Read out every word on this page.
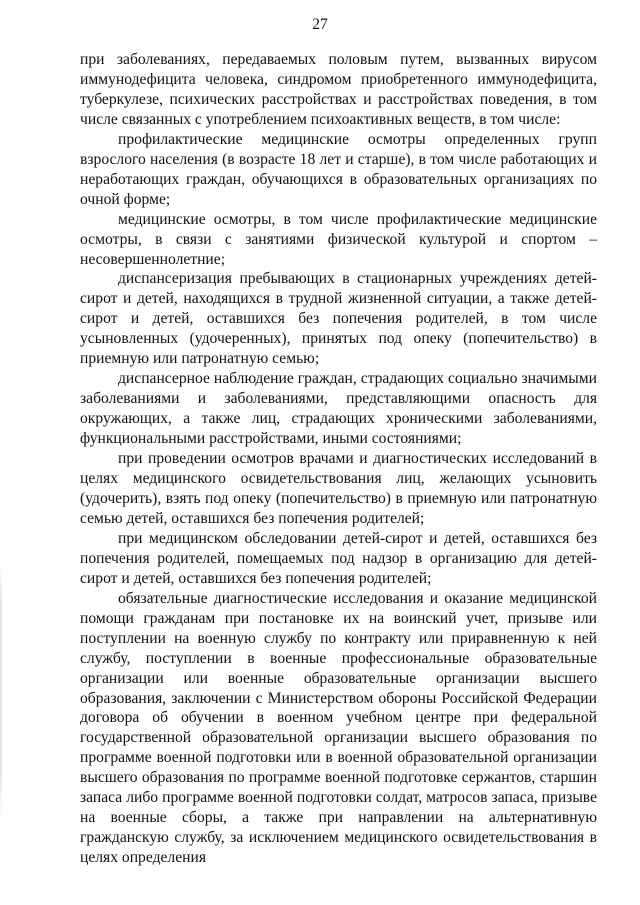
27

при заболеваниях, передаваемых половым путем, вызванных вирусом иммунодефицита человека, синдромом приобретенного иммунодефицита, туберкулезе, психических расстройствах и расстройствах поведения, в том числе связанных с употреблением психоактивных веществ, в том числе:

профилактические медицинские осмотры определенных групп взрослого населения (в возрасте 18 лет и старше), в том числе работающих и неработающих граждан, обучающихся в образовательных организациях по очной форме;

медицинские осмотры, в том числе профилактические медицинские осмотры, в связи с занятиями физической культурой и спортом – несовершеннолетние;

диспансеризация пребывающих в стационарных учреждениях детей-сирот и детей, находящихся в трудной жизненной ситуации, а также детей-сирот и детей, оставшихся без попечения родителей, в том числе усыновленных (удочеренных), принятых под опеку (попечительство) в приемную или патронатную семью;

диспансерное наблюдение граждан, страдающих социально значимыми заболеваниями и заболеваниями, представляющими опасность для окружающих, а также лиц, страдающих хроническими заболеваниями, функциональными расстройствами, иными состояниями;

при проведении осмотров врачами и диагностических исследований в целях медицинского освидетельствования лиц, желающих усыновить (удочерить), взять под опеку (попечительство) в приемную или патронатную семью детей, оставшихся без попечения родителей;

при медицинском обследовании детей-сирот и детей, оставшихся без попечения родителей, помещаемых под надзор в организацию для детей-сирот и детей, оставшихся без попечения родителей;

обязательные диагностические исследования и оказание медицинской помощи гражданам при постановке их на воинский учет, призыве или поступлении на военную службу по контракту или приравненную к ней службу, поступлении в военные профессиональные образовательные организации или военные образовательные организации высшего образования, заключении с Министерством обороны Российской Федерации договора об обучении в военном учебном центре при федеральной государственной образовательной организации высшего образования по программе военной подготовки или в военной образовательной организации высшего образования по программе военной подготовке сержантов, старшин запаса либо программе военной подготовки солдат, матросов запаса, призыве на военные сборы, а также при направлении на альтернативную гражданскую службу, за исключением медицинского освидетельствования в целях определения
